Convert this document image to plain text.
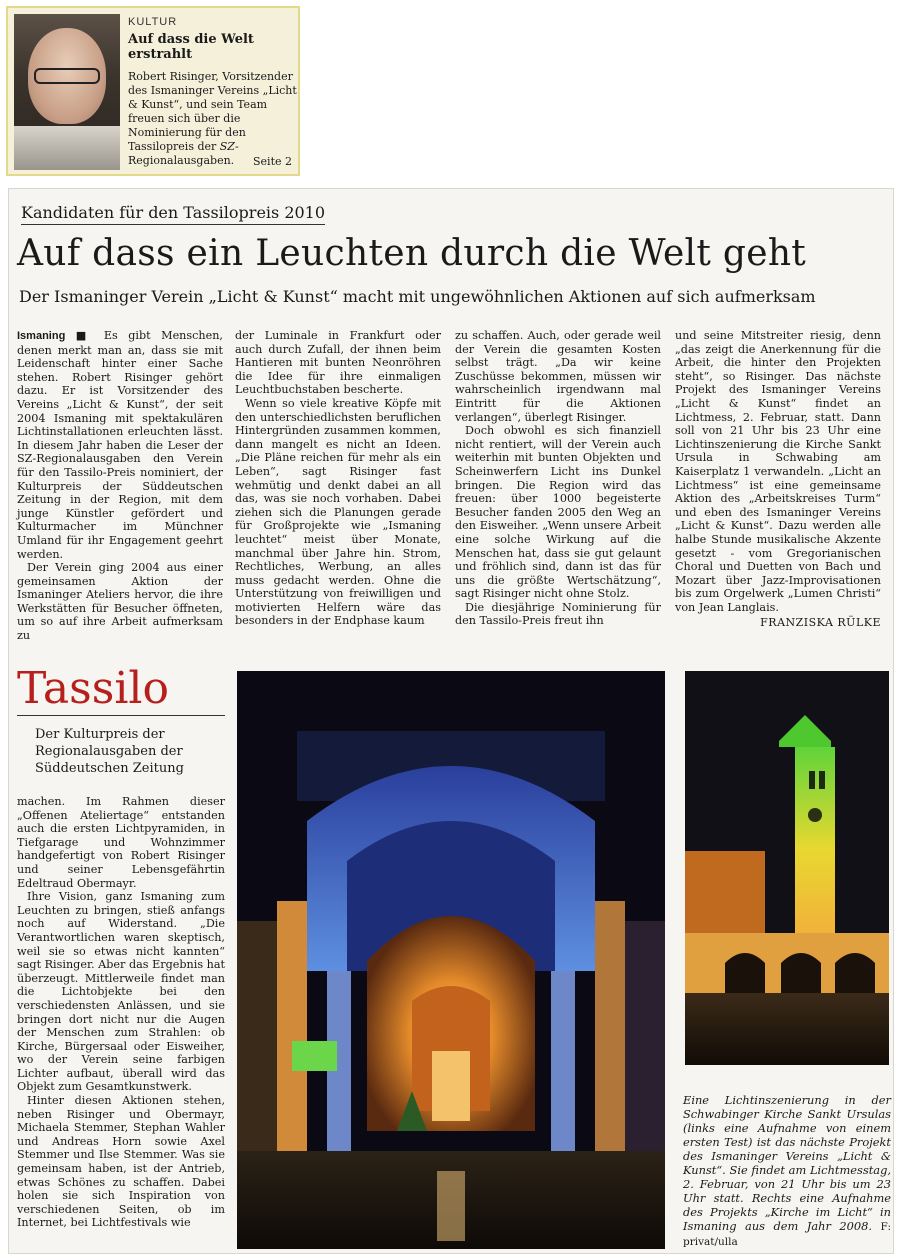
KULTUR
Auf dass die Welt erstrahlt
Robert Risinger, Vorsitzender des Ismaninger Vereins „Licht & Kunst“, und sein Team freuen sich über die Nominierung für den Tassilopreis der SZ-Regionalausgaben.	Seite 2
Kandidaten für den Tassilopreis 2010
Auf dass ein Leuchten durch die Welt geht
Der Ismaninger Verein „Licht & Kunst“ macht mit ungewöhnlichen Aktionen auf sich aufmerksam

Ismaning ■ Es gibt Menschen, denen merkt man an, dass sie mit Leidenschaft hinter einer Sache stehen. Robert Risinger gehört dazu. Er ist Vorsitzender des Vereins „Licht & Kunst“, der seit 2004 Ismaning mit spektakulären Lichtinstallationen erleuchten lässt. In diesem Jahr haben die Leser der SZ-Regionalausgaben den Verein für den Tassilo-Preis nominiert, der Kulturpreis der Süddeutschen Zeitung in der Region, mit dem junge Künstler gefördert und Kulturmacher im Münchner Umland für ihr Engagement geehrt werden.

Der Verein ging 2004 aus einer gemeinsamen Aktion der Ismaninger Ateliers hervor, die ihre Werkstätten für Besucher öffneten, um so auf ihre Arbeit aufmerksam zu

der Luminale in Frankfurt oder auch durch Zufall, der ihnen beim Hantieren mit bunten Neonröhren die Idee für ihre einmaligen Leuchtbuchstaben bescherte.

Wenn so viele kreative Köpfe mit den unterschiedlichsten beruflichen Hintergründen zusammen kommen, dann mangelt es nicht an Ideen. „Die Pläne reichen für mehr als ein Leben“, sagt Risinger fast wehmütig und denkt dabei an all das, was sie noch vorhaben. Dabei ziehen sich die Planungen gerade für Großprojekte wie „Ismaning leuchtet“ meist über Monate, manchmal über Jahre hin. Strom, Rechtliches, Werbung, an alles muss gedacht werden. Ohne die Unterstützung von freiwilligen und motivierten Helfern wäre das besonders in der Endphase kaum

zu schaffen. Auch, oder gerade weil der Verein die gesamten Kosten selbst trägt. „Da wir keine Zuschüsse bekommen, müssen wir wahrscheinlich irgendwann mal Eintritt für die Aktionen verlangen“, überlegt Risinger.

Doch obwohl es sich finanziell nicht rentiert, will der Verein auch weiterhin mit bunten Objekten und Scheinwerfern Licht ins Dunkel bringen. Die Region wird das freuen: über 1000 begeisterte Besucher fanden 2005 den Weg an den Eisweiher. „Wenn unsere Arbeit eine solche Wirkung auf die Menschen hat, dass sie gut gelaunt und fröhlich sind, dann ist das für uns die größte Wertschätzung“, sagt Risinger nicht ohne Stolz.

Die diesjährige Nominierung für den Tassilo-Preis freut ihn

und seine Mitstreiter riesig, denn „das zeigt die Anerkennung für die Arbeit, die hinter den Projekten steht“, so Risinger. Das nächste Projekt des Ismaninger Vereins „Licht & Kunst“ findet an Lichtmess, 2. Februar, statt. Dann soll von 21 Uhr bis 23 Uhr eine Lichtinszenierung die Kirche Sankt Ursula in Schwabing am Kaiserplatz 1 verwandeln. „Licht an Lichtmess“ ist eine gemeinsame Aktion des „Arbeitskreises Turm“ und eben des Ismaninger Vereins „Licht & Kunst“. Dazu werden alle halbe Stunde musikalische Akzente gesetzt - vom Gregorianischen Choral und Duetten von Bach und Mozart über Jazz-Improvisationen bis zum Orgelwerk „Lumen Christi“ von Jean Langlais.

FRANZISKA RÜLKE
Tassilo
Der Kulturpreis der Regionalausgaben der Süddeutschen Zeitung

machen. Im Rahmen dieser „Offenen Ateliertage“ entstanden auch die ersten Lichtpyramiden, in Tiefgarage und Wohnzimmer handgefertigt von Robert Risinger und seiner Lebensgefährtin Edeltraud Obermayr.

Ihre Vision, ganz Ismaning zum Leuchten zu bringen, stieß anfangs noch auf Widerstand. „Die Verantwortlichen waren skeptisch, weil sie so etwas nicht kannten“ sagt Risinger. Aber das Ergebnis hat überzeugt. Mittlerweile findet man die Lichtobjekte bei den verschiedensten Anlässen, und sie bringen dort nicht nur die Augen der Menschen zum Strahlen: ob Kirche, Bürgersaal oder Eisweiher, wo der Verein seine farbigen Lichter aufbaut, überall wird das Objekt zum Gesamtkunstwerk.

Hinter diesen Aktionen stehen, neben Risinger und Obermayr, Michaela Stemmer, Stephan Wahler und Andreas Horn sowie Axel Stemmer und Ilse Stemmer. Was sie gemeinsam haben, ist der Antrieb, etwas Schönes zu schaffen. Dabei holen sie sich Inspiration von verschiedenen Seiten, ob im Internet, bei Lichtfestivals wie

Eine Lichtinszenierung in der Schwabinger Kirche Sankt Ursulas (links eine Aufnahme von einem ersten Test) ist das nächste Projekt des Ismaninger Vereins „Licht & Kunst“. Sie findet am Lichtmesstag, 2. Februar, von 21 Uhr bis um 23 Uhr statt. Rechts eine Aufnahme des Projekts „Kirche im Licht“ in Ismaning aus dem Jahr 2008. F: privat/ulla
